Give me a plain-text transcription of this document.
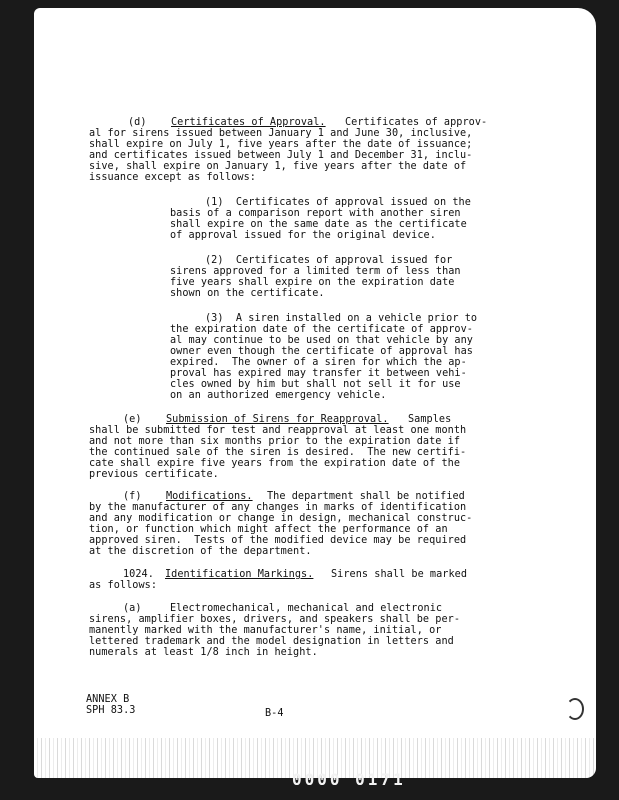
(d) Certificates of Approval. Certificates of approv-
al for sirens issued between January 1 and June 30, inclusive,
shall expire on July 1, five years after the date of issuance;
and certificates issued between July 1 and December 31, inclu-
sive, shall expire on January 1, five years after the date of
issuance except as follows:
(1)  Certificates of approval issued on the
basis of a comparison report with another siren
shall expire on the same date as the certificate
of approval issued for the original device.
(2)  Certificates of approval issued for
sirens approved for a limited term of less than
five years shall expire on the expiration date
shown on the certificate.
(3)  A siren installed on a vehicle prior to
the expiration date of the certificate of approv-
al may continue to be used on that vehicle by any
owner even though the certificate of approval has
expired.  The owner of a siren for which the ap-
proval has expired may transfer it between vehi-
cles owned by him but shall not sell it for use
on an authorized emergency vehicle.
(e) Submission of Sirens for Reapproval. Samples
shall be submitted for test and reapproval at least one month
and not more than six months prior to the expiration date if
the continued sale of the siren is desired.  The new certifi-
cate shall expire five years from the expiration date of the
previous certificate.
(f) Modifications. The department shall be notified
by the manufacturer of any changes in marks of identification
and any modification or change in design, mechanical construc-
tion, or function which might affect the performance of an
approved siren.  Tests of the modified device may be required
at the discretion of the department.
1024. Identification Markings. Sirens shall be marked
as follows:
(a)	Electromechanical, mechanical and electronic
sirens, amplifier boxes, drivers, and speakers shall be per-
manently marked with the manufacturer's name, initial, or
lettered trademark and the model designation in letters and
numerals at least 1/8 inch in height.
ANNEX B
SPH 83.3	B-4
0000 0171
